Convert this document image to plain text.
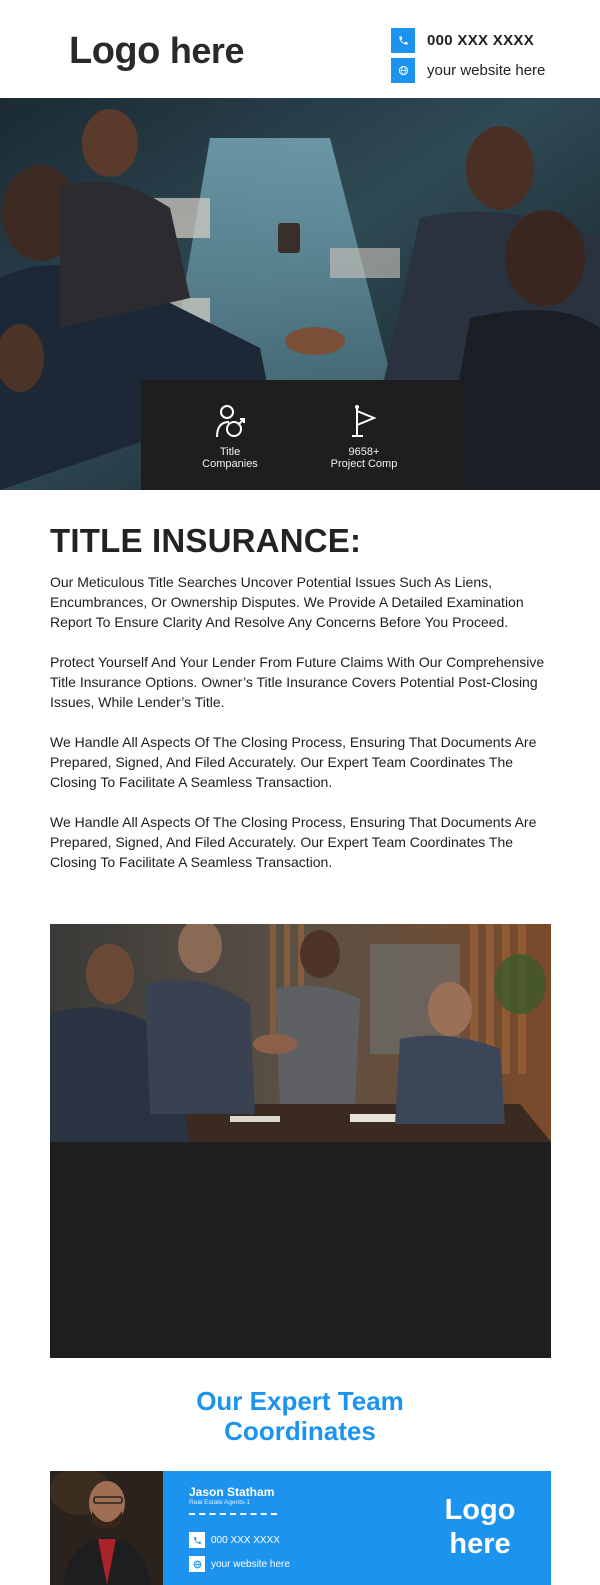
Logo here	000 XXX XXXX
your website here
Title
Companies
9658+
Project Comp
TITLE INSURANCE:

Our Meticulous Title Searches Uncover Potential Issues Such As Liens, Encumbrances, Or Ownership Disputes. We Provide A Detailed Examination Report To Ensure Clarity And Resolve Any Concerns Before You Proceed.

Protect Yourself And Your Lender From Future Claims With Our Comprehensive Title Insurance Options. Owner’s Title Insurance Covers Potential Post-Closing Issues, While Lender’s Title.

We Handle All Aspects Of The Closing Process, Ensuring That Documents Are Prepared, Signed, And Filed Accurately. Our Expert Team Coordinates The Closing To Facilitate A Seamless Transaction.

We Handle All Aspects Of The Closing Process, Ensuring That Documents Are Prepared, Signed, And Filed Accurately. Our Expert Team Coordinates The Closing To Facilitate A Seamless Transaction.

Our Expert Team
Coordinates
Jason Statham
Real Estate Agents-1
000 XXX XXXX
your website here
Logo
here
